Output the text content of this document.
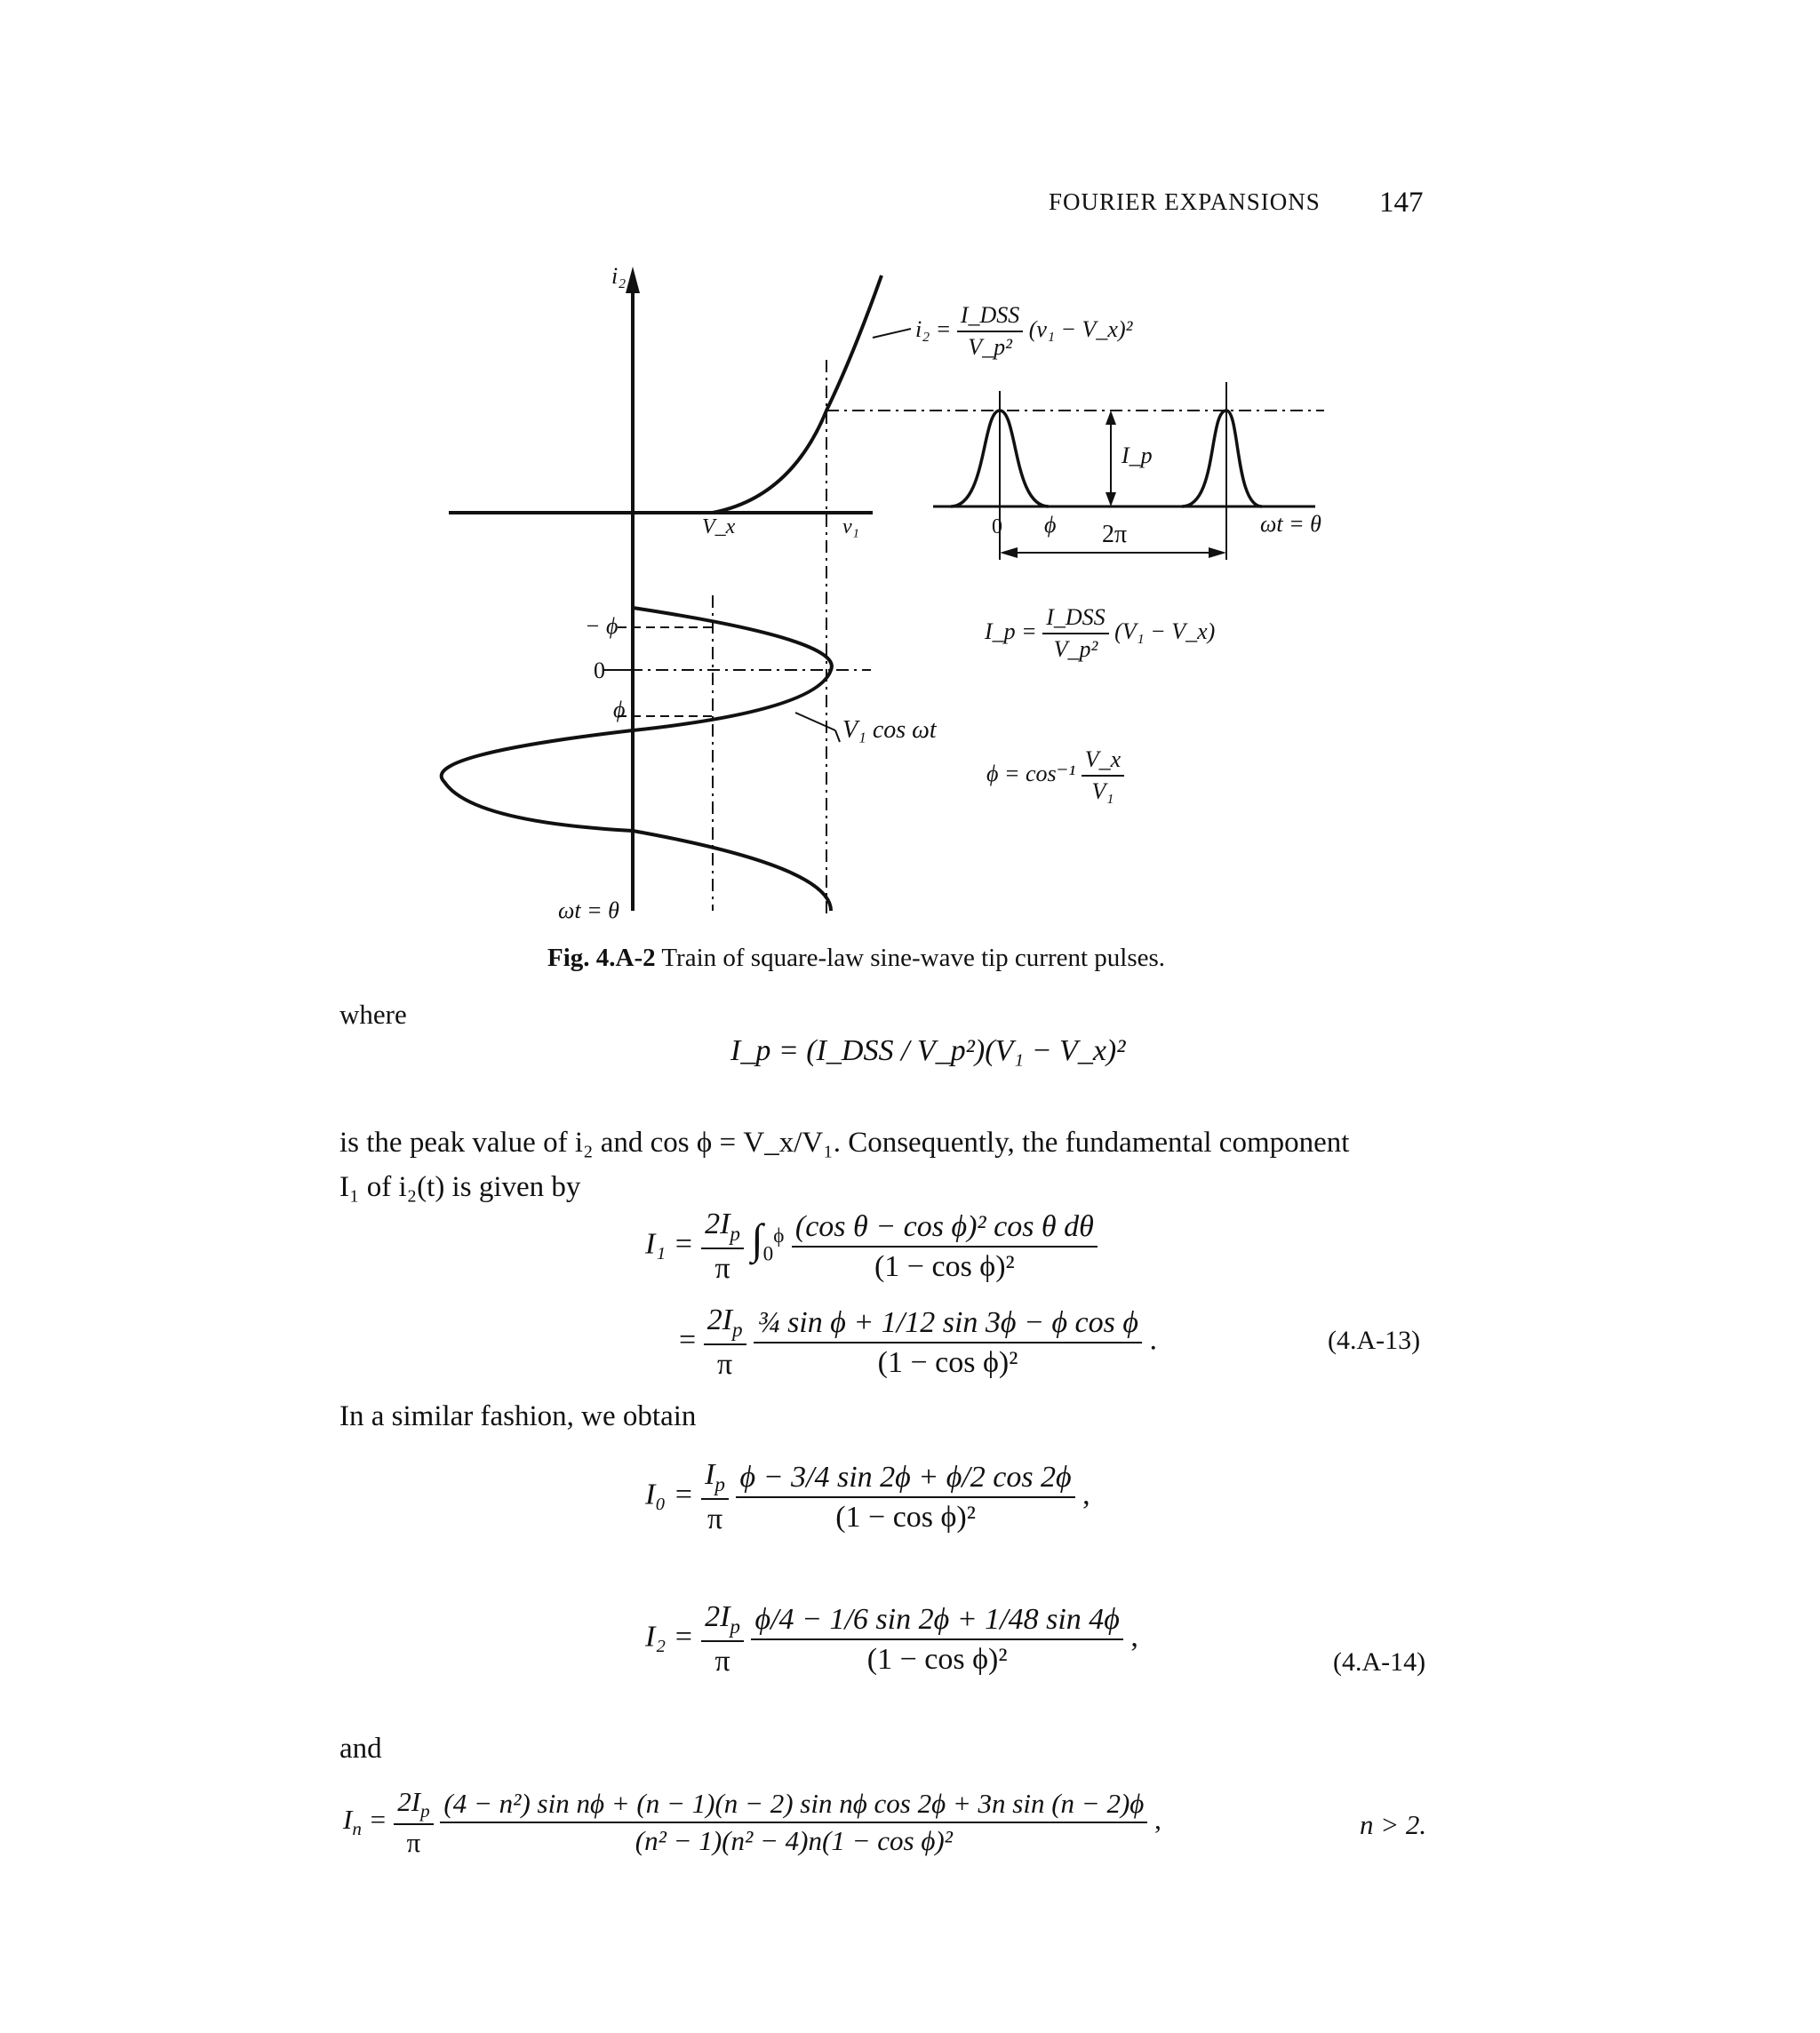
FOURIER EXPANSIONS 147
i₂
$i_2 = \frac{\text{I\_DSS}}{\text{V\_p²}} (v_1$ − V_x)²
V_x	v₁	0 ϕ 2π
I_p
ωt = θ
− ϕ
0
ϕ
V₁ cos ωt
ωt = θ
I_p = $\frac{\text{I\_DSS}}{\text{V\_p²}} (V_1$ − V_x)
$\phi = \cos^{-1} \frac{V\_x}{\text{V₁}}$
Fig. 4.A-2 Train of square-law sine-wave tip current pulses.
where
I_p = (I_DSS / V_p²)(V₁ − V_x)²
is the peak value of i₂ and cos ϕ = V_x/V₁. Consequently, the fundamental component
I₁ of i₂(t) is given by
$I_1 = \frac{2I_p}{\pi} \int_0^\phi \frac{\text{(cos θ − cos ϕ)² cos θ dθ}}{\text{(1 − cos ϕ)²}}$
= $\frac{2I_p}{\pi}$
$\frac{\text{¾ sin ϕ + 1/12 sin 3ϕ − ϕ cos ϕ}}{\text{(1 − cos ϕ)²}}$ .	(4.A-13)
In a similar fashion, we obtain
$I_0 = \frac{I_p}{\pi}$
$\frac{\phi - 3/4 \sin 2\phi + \phi/2 \cos 2\phi}{\text{(1 − cos ϕ)²}}$ ,
$I_2 = \frac{2I_p}{\pi}$
$\frac{\phi/4 - 1/6 \sin 2\phi + 1/48 \sin 4\phi}{\text{(1 − cos ϕ)²}}$ ,
(4.A-14)
and
$I_n = \frac{2I_p}{\pi}$
(4 − n²) sin nϕ + (n − 1)(n − 2) sin nϕ cos 2ϕ + 3n sin (n − 2)ϕ
(n² − 1)(n² − 4)n(1 − cos ϕ)²
,	n > 2.
